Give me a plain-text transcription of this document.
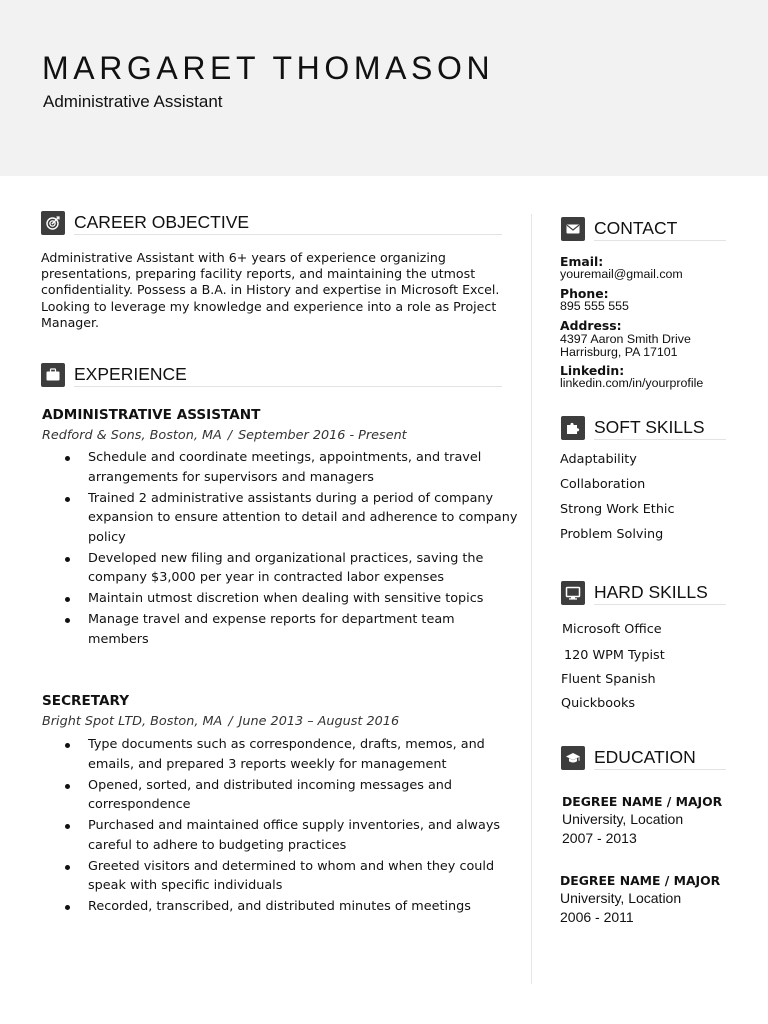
MARGARET THOMASON
Administrative Assistant
CAREER OBJECTIVE
Administrative Assistant with 6+ years of experience organizing
presentations, preparing facility reports, and maintaining the utmost
confidentiality. Possess a B.A. in History and expertise in Microsoft Excel.
Looking to leverage my knowledge and experience into a role as Project
Manager.
EXPERIENCE
ADMINISTRATIVE ASSISTANT
Redford & Sons, Boston, MA / September 2016 - Present
Schedule and coordinate meetings, appointments, and travel arrangements for supervisors and managers
Trained 2 administrative assistants during a period of company expansion to ensure attention to detail and adherence to company policy
Developed new filing and organizational practices, saving the company $3,000 per year in contracted labor expenses
Maintain utmost discretion when dealing with sensitive topics
Manage travel and expense reports for department team members
SECRETARY
Bright Spot LTD, Boston, MA / June 2013 – August 2016
Type documents such as correspondence, drafts, memos, and emails, and prepared 3 reports weekly for management
Opened, sorted, and distributed incoming messages and correspondence
Purchased and maintained office supply inventories, and always careful to adhere to budgeting practices
Greeted visitors and determined to whom and when they could speak with specific individuals
Recorded, transcribed, and distributed minutes of meetings
CONTACT
Email:
youremail@gmail.com
Phone:
895 555 555
Address:
4397 Aaron Smith Drive
Harrisburg, PA 17101
Linkedin:
linkedin.com/in/yourprofile
SOFT SKILLS
Adaptability
Collaboration
Strong Work Ethic
Problem Solving
HARD SKILLS
Microsoft Office
120 WPM Typist
Fluent Spanish
Quickbooks
EDUCATION
DEGREE NAME / MAJOR
University, Location
2007 - 2013
DEGREE NAME / MAJOR
University, Location
2006 - 2011
